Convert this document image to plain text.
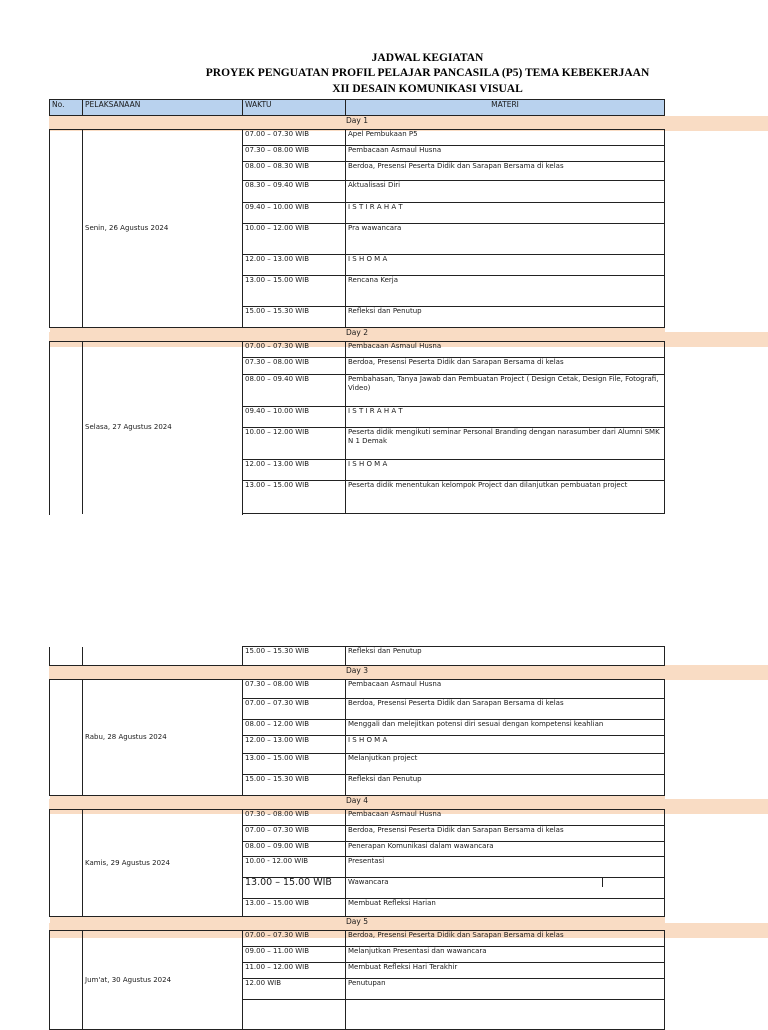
JADWAL KEGIATAN
PROYEK PENGUATAN PROFIL PELAJAR PANCASILA (P5) TEMA KEBEKERJAAN
XII DESAIN KOMUNIKASI VISUAL
No.	PELAKSANAAN	WAKTU	MATERI
Day 1			
	Senin, 26 Agustus 2024	07.00 – 07.30 WIB	Apel Pembukaan P5
		07.30 – 08.00 WIB	Pembacaan Asmaul Husna
		08.00 – 08.30 WIB	Berdoa, Presensi Peserta Didik dan Sarapan Bersama di kelas
		08.30 – 09.40 WIB	Aktualisasi Diri
		09.40 – 10.00 WIB	I S T I R A H A T
		10.00 – 12.00 WIB	Pra wawancara
		12.00 – 13.00 WIB	I S H O M A
		13.00 – 15.00 WIB	Rencana Kerja
		15.00 – 15.30 WIB	Refleksi dan Penutup
Day 2			
	Selasa, 27 Agustus 2024	07.00 – 07.30 WIB	Pembacaan Asmaul Husna
		07.30 – 08.00 WIB	Berdoa, Presensi Peserta Didik dan Sarapan Bersama di kelas
		08.00 – 09.40 WIB	Pembahasan, Tanya Jawab dan Pembuatan Project ( Design Cetak, Design File, Fotografi, Video)
		09.40 – 10.00 WIB	I S T I R A H A T
		10.00 – 12.00 WIB	Peserta didik mengikuti seminar Personal Branding dengan narasumber dari Alumni SMK N 1 Demak
		12.00 – 13.00 WIB	I S H O M A
		13.00 – 15.00 WIB	Peserta didik menentukan kelompok Project dan dilanjutkan pembuatan project

		15.00 – 15.30 WIB	Refleksi dan Penutup
Day 3			
	Rabu, 28 Agustus 2024	07.30 – 08.00 WIB	Pembacaan Asmaul Husna
		07.00 – 07.30 WIB	Berdoa, Presensi Peserta Didik dan Sarapan Bersama di kelas
		08.00 – 12.00 WIB	Menggali dan melejitkan potensi diri sesuai dengan kompetensi keahlian
		12.00 – 13.00 WIB	I S H O M A
		13.00 – 15.00 WIB	Melanjutkan project
		15.00 – 15.30 WIB	Refleksi dan Penutup
Day 4			
	Kamis, 29 Agustus 2024	07.30 – 08.00 WIB	Pembacaan Asmaul Husna
		07.00 – 07.30 WIB	Berdoa, Presensi Peserta Didik dan Sarapan Bersama di kelas
		08.00 – 09.00 WIB	Penerapan Komunikasi dalam wawancara
		10.00 - 12.00 WIB	Presentasi
		13.00 – 15.00 WIB	Wawancara

		13.00 – 15.00 WIB	Membuat Refleksi Harian
Day 5			
	Jum'at, 30 Agustus 2024	07.00 – 07.30 WIB	Berdoa, Presensi Peserta Didik dan Sarapan Bersama di kelas
		09.00 – 11.00 WIB	Melanjutkan Presentasi dan wawancara
		11.00 – 12.00 WIB	Membuat Refleksi Hari Terakhir
		12.00 WIB	Penutupan
